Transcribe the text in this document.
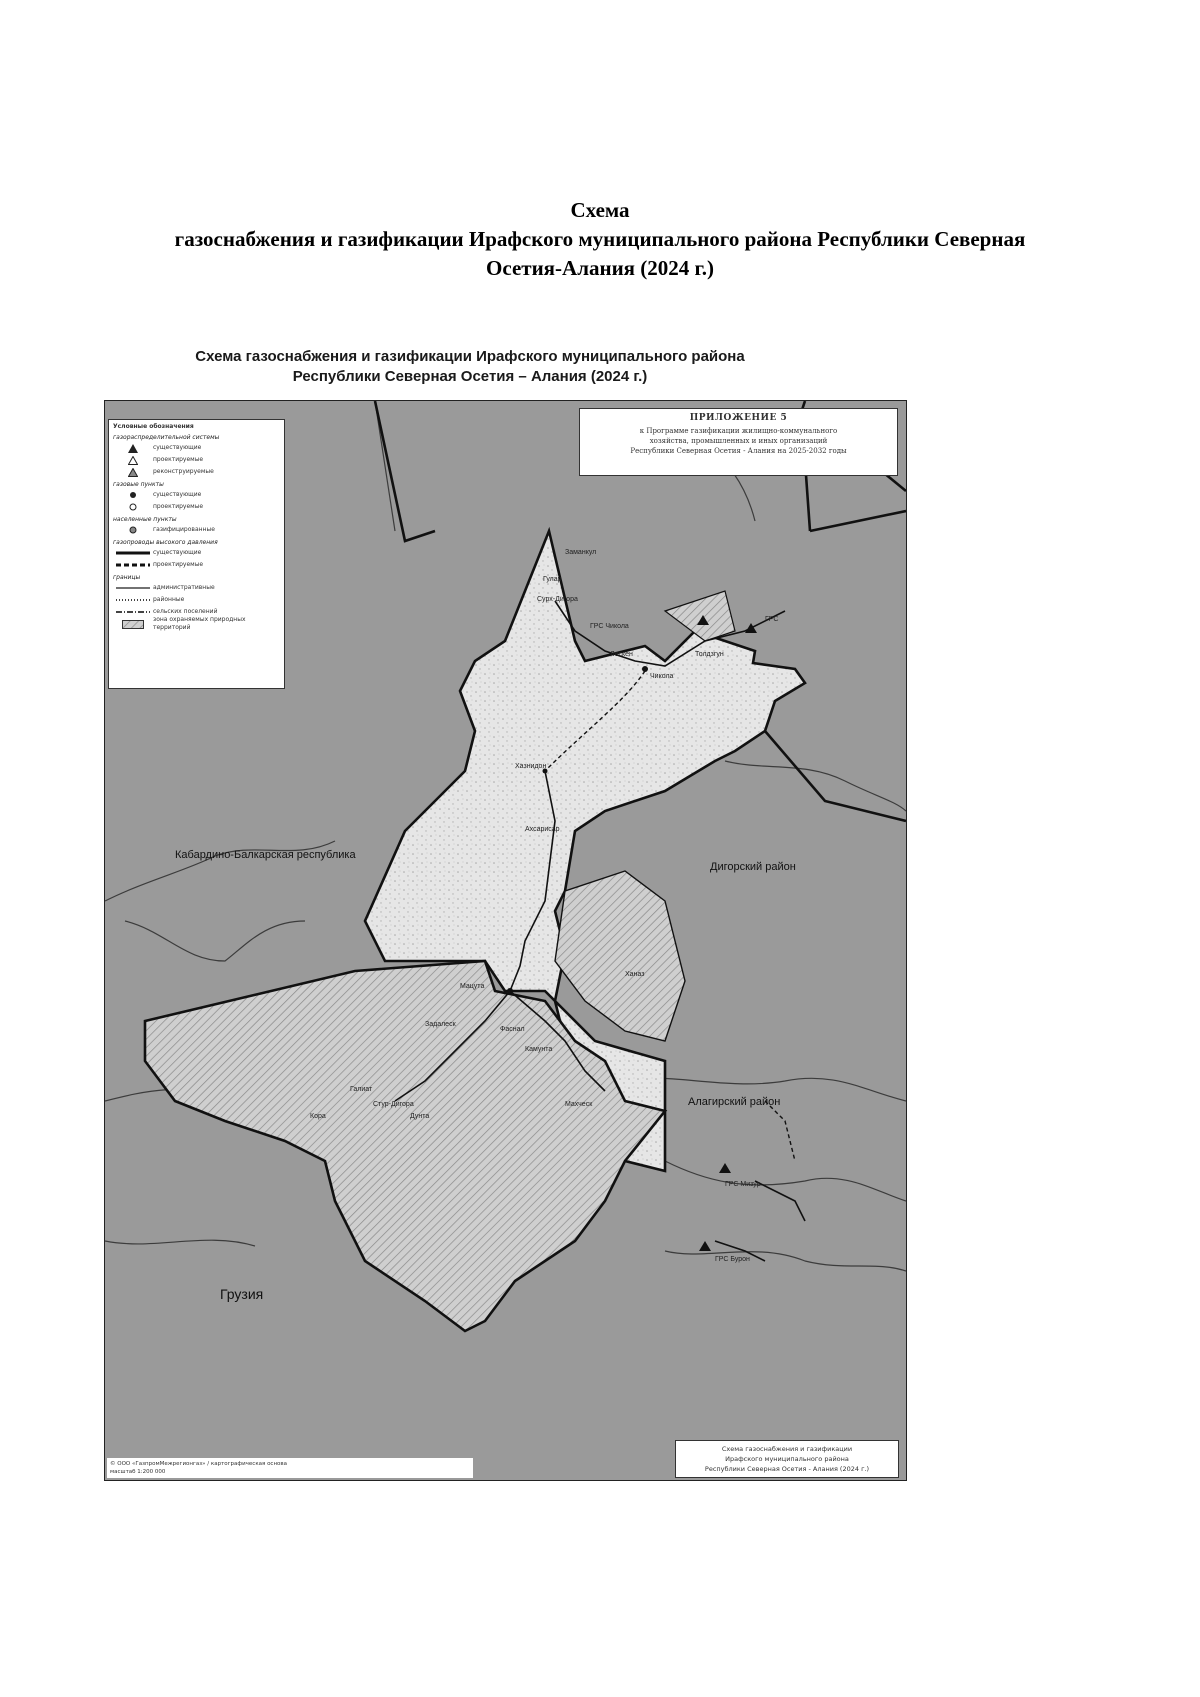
Схема
газоснабжения и газификации Ирафского муниципального района Республики Северная
Осетия-Алания (2024 г.)
Схема газоснабжения и газификации Ирафского муниципального района
Республики Северная Осетия – Алания (2024 г.)
Условные обозначения
газораспределительной системы
существующие
проектируемые
реконструируемые
газовые пункты
существующие
проектируемые
населенные пункты
газифицированные
газопроводы высокого давления
существующие
проектируемые
границы
административные
районные
сельских поселений
зона охраняемых природных территорий
ПРИЛОЖЕНИЕ 5
к Программе газификации жилищно-коммунального
хозяйства, промышленных и иных организаций
Республики Северная Осетия - Алания на 2025-2032 годы
Кабардино-Балкарская республика
Дигорский район
Алагирский район
Грузия
ГРС Чикола
ГРС
ГРС Мизур
ГРС Бурон
Сурх-Дигора
Лескен
Чикола
Толдзгун
Гулар
Заманкул
Хазнидон
Ахсарисар
Мацута
Фаснал
Камунта
Задалеск
Галиат
Стур-Дигора
Дунта
Кора
Махческ
Ханаз
Схема газоснабжения и газификации
Ирафского муниципального района
Республики Северная Осетия - Алания (2024 г.)
© ООО «ГазпромМежрегионгаз» / картографическая основа
масштаб 1:200 000
